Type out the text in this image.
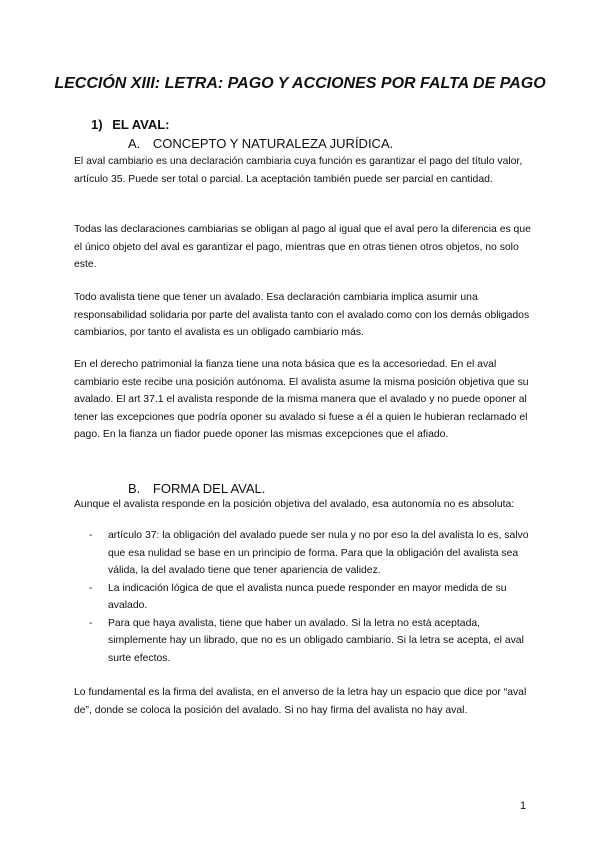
LECCIÓN XIII: LETRA: PAGO Y ACCIONES POR FALTA DE PAGO
1) EL AVAL:
A. CONCEPTO Y NATURALEZA JURÍDICA.

El aval cambiario es una declaración cambiaria cuya función es garantizar el pago del título valor, artículo 35. Puede ser total o parcial. La aceptación también puede ser parcial en cantidad.

Todas las declaraciones cambiarias se obligan al pago al igual que el aval pero la diferencia es que el único objeto del aval es garantizar el pago, mientras que en otras tienen otros objetos, no solo este.

Todo avalista tiene que tener un avalado. Esa declaración cambiaria implica asumir una responsabilidad solidaria por parte del avalista tanto con el avalado como con los demás obligados cambiarios, por tanto el avalista es un obligado cambiario más.

En el derecho patrimonial la fianza tiene una nota básica que es la accesoriedad. En el aval cambiario este recibe una posición autónoma. El avalista asume la misma posición objetiva que su avalado. El art 37.1 el avalista responde de la misma manera que el avalado y no puede oponer al tener las excepciones que podría oponer su avalado si fuese a él a quien le hubieran reclamado el pago. En la fianza un fiador puede oponer las mismas excepciones que el afiado.

B. FORMA DEL AVAL.

Aunque el avalista responde en la posición objetiva del avalado, esa autonomía no es absoluta:

- artículo 37: la obligación del avalado puede ser nula y no por eso la del avalista lo es, salvo que esa nulidad se base en un principio de forma. Para que la obligación del avalista sea válida, la del avalado tiene que tener apariencia de validez.
- La indicación lógica de que el avalista nunca puede responder en mayor medida de su avalado.
- Para que haya avalista, tiene que haber un avalado. Si la letra no está aceptada, simplemente hay un librado, que no es un obligado cambiario. Si la letra se acepta, el aval surte efectos.

Lo fundamental es la firma del avalista, en el anverso de la letra hay un espacio que dice por “aval de”, donde se coloca la posición del avalado. Si no hay firma del avalista no hay aval.

1
